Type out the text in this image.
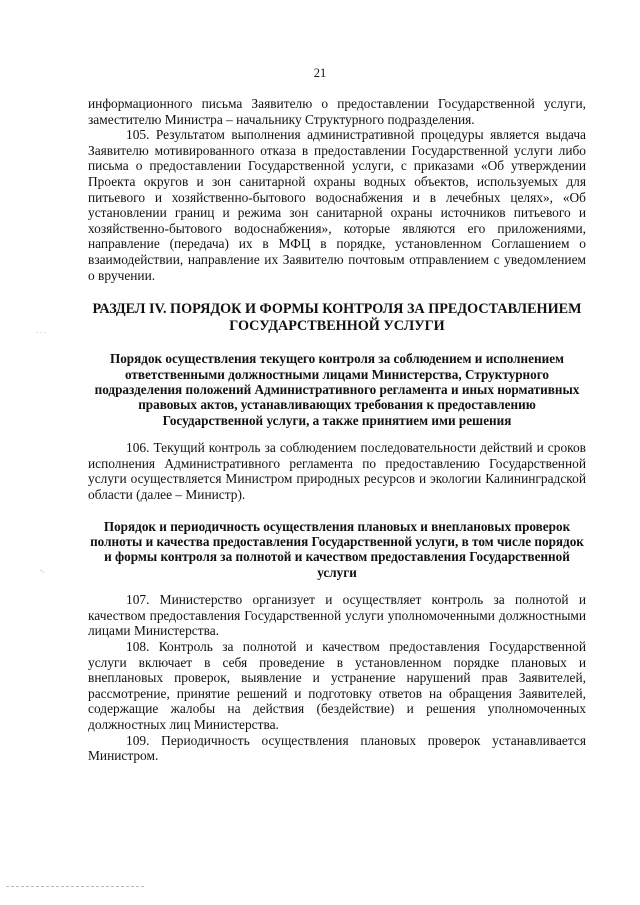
21

информационного письма Заявителю о предоставлении Государственной услуги, заместителю Министра – начальнику Структурного подразделения.

105. Результатом выполнения административной процедуры является выдача Заявителю мотивированного отказа в предоставлении Государственной услуги либо письма о предоставлении Государственной услуги, с приказами «Об утверждении Проекта округов и зон санитарной охраны водных объектов, используемых для питьевого и хозяйственно-бытового водоснабжения и в лечебных целях», «Об установлении границ и режима зон санитарной охраны источников питьевого и хозяйственно-бытового водоснабжения», которые являются его приложениями, направление (передача) их в МФЦ в порядке, установленном Соглашением о взаимодействии, направление их Заявителю почтовым отправлением с уведомлением о вручении.

РАЗДЕЛ IV. ПОРЯДОК И ФОРМЫ КОНТРОЛЯ ЗА ПРЕДОСТАВЛЕНИЕМ ГОСУДАРСТВЕННОЙ УСЛУГИ
Порядок осуществления текущего контроля за соблюдением и исполнением ответственными должностными лицами Министерства, Структурного подразделения положений Административного регламента и иных нормативных правовых актов, устанавливающих требования к предоставлению Государственной услуги, а также принятием ими решения

106. Текущий контроль за соблюдением последовательности действий и сроков исполнения Административного регламента по предоставлению Государственной услуги осуществляется Министром природных ресурсов и экологии Калининградской области (далее – Министр).

Порядок и периодичность осуществления плановых и внеплановых проверок полноты и качества предоставления Государственной услуги, в том числе порядок и формы контроля за полнотой и качеством предоставления Государственной услуги

107. Министерство организует и осуществляет контроль за полнотой и качеством предоставления Государственной услуги уполномоченными должностными лицами Министерства.

108. Контроль за полнотой и качеством предоставления Государственной услуги включает в себя проведение в установленном порядке плановых и внеплановых проверок, выявление и устранение нарушений прав Заявителей, рассмотрение, принятие решений и подготовку ответов на обращения Заявителей, содержащие жалобы на действия (бездействие) и решения уполномоченных должностных лиц Министерства.

109. Периодичность осуществления плановых проверок устанавливается Министром.

. . .
-.
